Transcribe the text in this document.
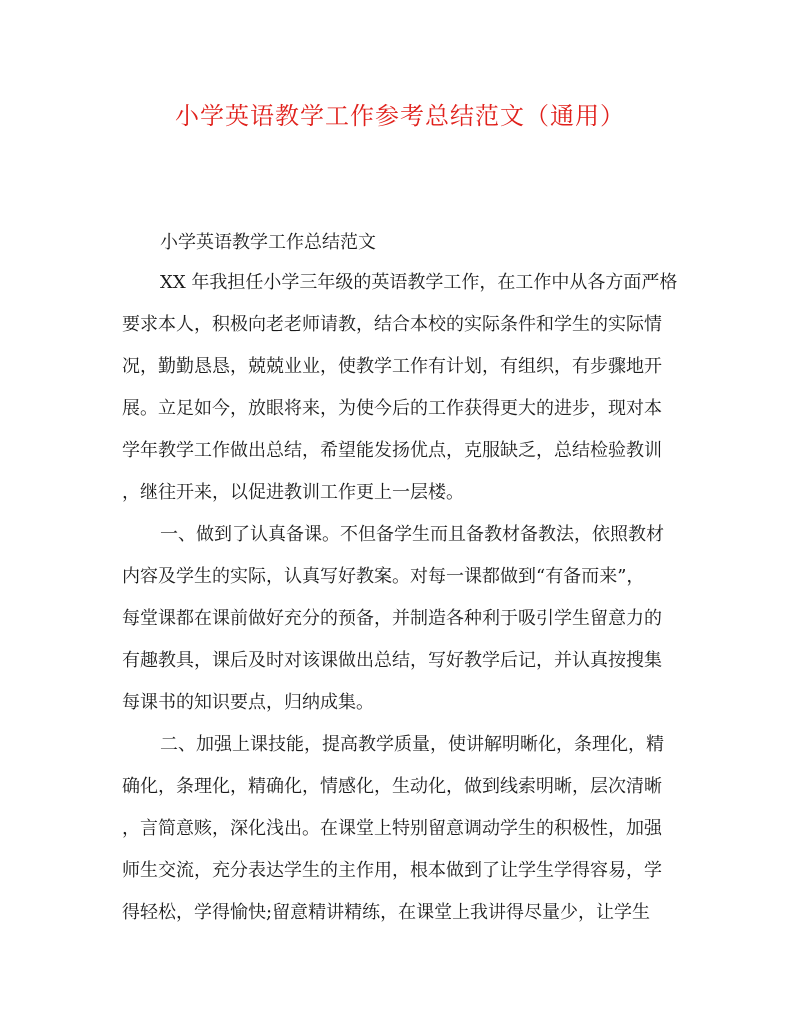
小学英语教学工作参考总结范文（通用）
小学英语教学工作总结范文
XX 年我担任小学三年级的英语教学工作，在工作中从各方面严格
要求本人，积极向老老师请教，结合本校的实际条件和学生的实际情
况，勤勤恳恳，兢兢业业，使教学工作有计划，有组织，有步骤地开
展。立足如今，放眼将来，为使今后的工作获得更大的进步，现对本
学年教学工作做出总结，希望能发扬优点，克服缺乏，总结检验教训
，继往开来，以促进教训工作更上一层楼。
一、做到了认真备课。不但备学生而且备教材备教法，依照教材
内容及学生的实际，认真写好教案。对每一课都做到“有备而来”，
每堂课都在课前做好充分的预备，并制造各种利于吸引学生留意力的
有趣教具，课后及时对该课做出总结，写好教学后记，并认真按搜集
每课书的知识要点，归纳成集。
二、加强上课技能，提高教学质量，使讲解明晰化，条理化，精
确化，条理化，精确化，情感化，生动化，做到线索明晰，层次清晰
，言简意赅，深化浅出。在课堂上特别留意调动学生的积极性，加强
师生交流，充分表达学生的主作用，根本做到了让学生学得容易，学
得轻松，学得愉快;留意精讲精练，在课堂上我讲得尽量少，让学生
